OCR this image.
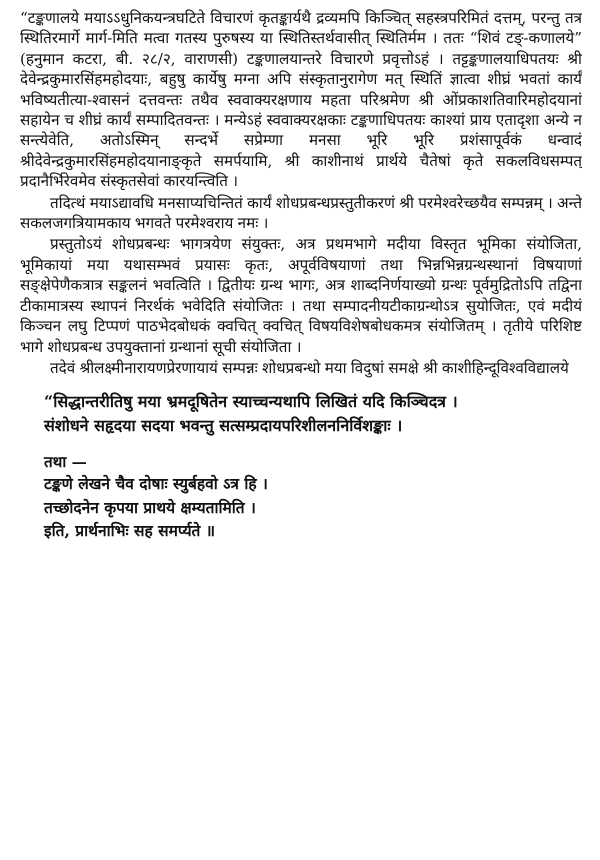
“टङ्कणालये मयाऽऽधुनिकयन्त्रघटिते विचारणं कृतङ्कार्यथै द्रव्यमपि किञ्चित् सहस्त्रपरिमितं दत्तम्, परन्तु तत्र स्थितिरमार्गे मार्ग-मिति मत्वा गतस्य पुरुषस्य या स्थितिस्तर्थवासीत् स्थितिर्मम । ततः “शिवं टङ्-कणालये” (हनुमान कटरा, बी. २८/२, वाराणसी) टङ्कणालयान्तरे विचारणे प्रवृत्तोऽहं । तट्टङ्कणालयाधिपतयः श्री देवेन्द्रकुमारसिंहमहोदयाः, बहुषु कार्येषु मग्ना अपि संस्कृतानुरागेण मत् स्थितिं ज्ञात्वा शीघ्रं भवतां कार्यं भविष्यतीत्या-श्वासनं दत्तवन्तः तथैव स्ववाक्यरक्षणाय महता परिश्रमेण श्री ओंप्रकाशतिवारिमहोदयानां सहायेन च शीघ्रं कार्यं सम्पादितवन्तः । मन्येऽहं स्ववाक्यरक्षकाः टङ्कणाधिपतयः काश्यां प्राय एतादृशा अन्ये न सन्त्येवेति, अतोऽस्मिन् सन्दर्भे सप्रेम्णा मनसा भूरि भूरि प्रशंसापूर्वकं धन्वादं श्रीदेवेन्द्रकुमारसिंहमहोदयानाङ्कृते समर्पयामि, श्री काशीनाथं प्रार्थये चैतेषां कृते सकलविधसम्पत् प्रदानैर्भिरेवमेव संस्कृतसेवां कारयन्त्विति ।

तदित्थं मयाऽद्यावधि मनसाप्यचिन्तितं कार्यं शोधप्रबन्धप्रस्तुतीकरणं श्री परमेश्वरेच्छयैव सम्पन्नम् । अन्ते सकलजगत्रियामकाय भगवते परमेश्वराय नमः ।

प्रस्तुतोऽयं शोधप्रबन्धः भागत्रयेण संयुक्तः, अत्र प्रथमभागे मदीया विस्तृत भूमिका संयोजिता, भूमिकायां मया यथासम्भवं प्रयासः कृतः, अपूर्वविषयाणां तथा भिन्नभिन्नग्रन्थस्थानां विषयाणां सङ्क्षेपेणैकत्रात्र सङ्कलनं भवत्विति । द्वितीयः ग्रन्थ भागः, अत्र शाब्दनिर्णयाख्यो ग्रन्थः पूर्वमुद्रितोऽपि तद्विना टीकामात्रस्य स्थापनं निरर्थकं भवेदिति संयोजितः । तथा सम्पादनीयटीकाग्रन्थोऽत्र सुयोजितः, एवं मदीयं किञ्चन लघु टिप्पणं पाठभेदबोधकं क्वचित् क्वचित् विषयविशेषबोधकमत्र संयोजितम् । तृतीये परिशिष्ट भागे शोधप्रबन्ध उपयुक्तानां ग्रन्थानां सूची संयोजिता ।

तदेवं श्रीलक्ष्मीनारायणप्रेरणायायं सम्पन्नः शोधप्रबन्धो मया विदुषां समक्षे श्री काशीहिन्दूविश्वविद्यालये

“सिद्धान्तरीतिषु मया भ्रमदूषितेन स्याच्चन्यथापि लिखितं यदि किञ्चिदत्र ।

संशोधने सहृदया सदया भवन्तु सत्सम्प्रदायपरिशीलननिर्विशङ्काः ।

तथा —

टङ्कणे लेखने चैव दोषाः स्युर्बहवो ऽत्र हि ।

तच्छोदनेन कृपया प्राथये क्षम्यतामिति ।

इति, प्रार्थनाभिः सह समर्प्यते ॥
